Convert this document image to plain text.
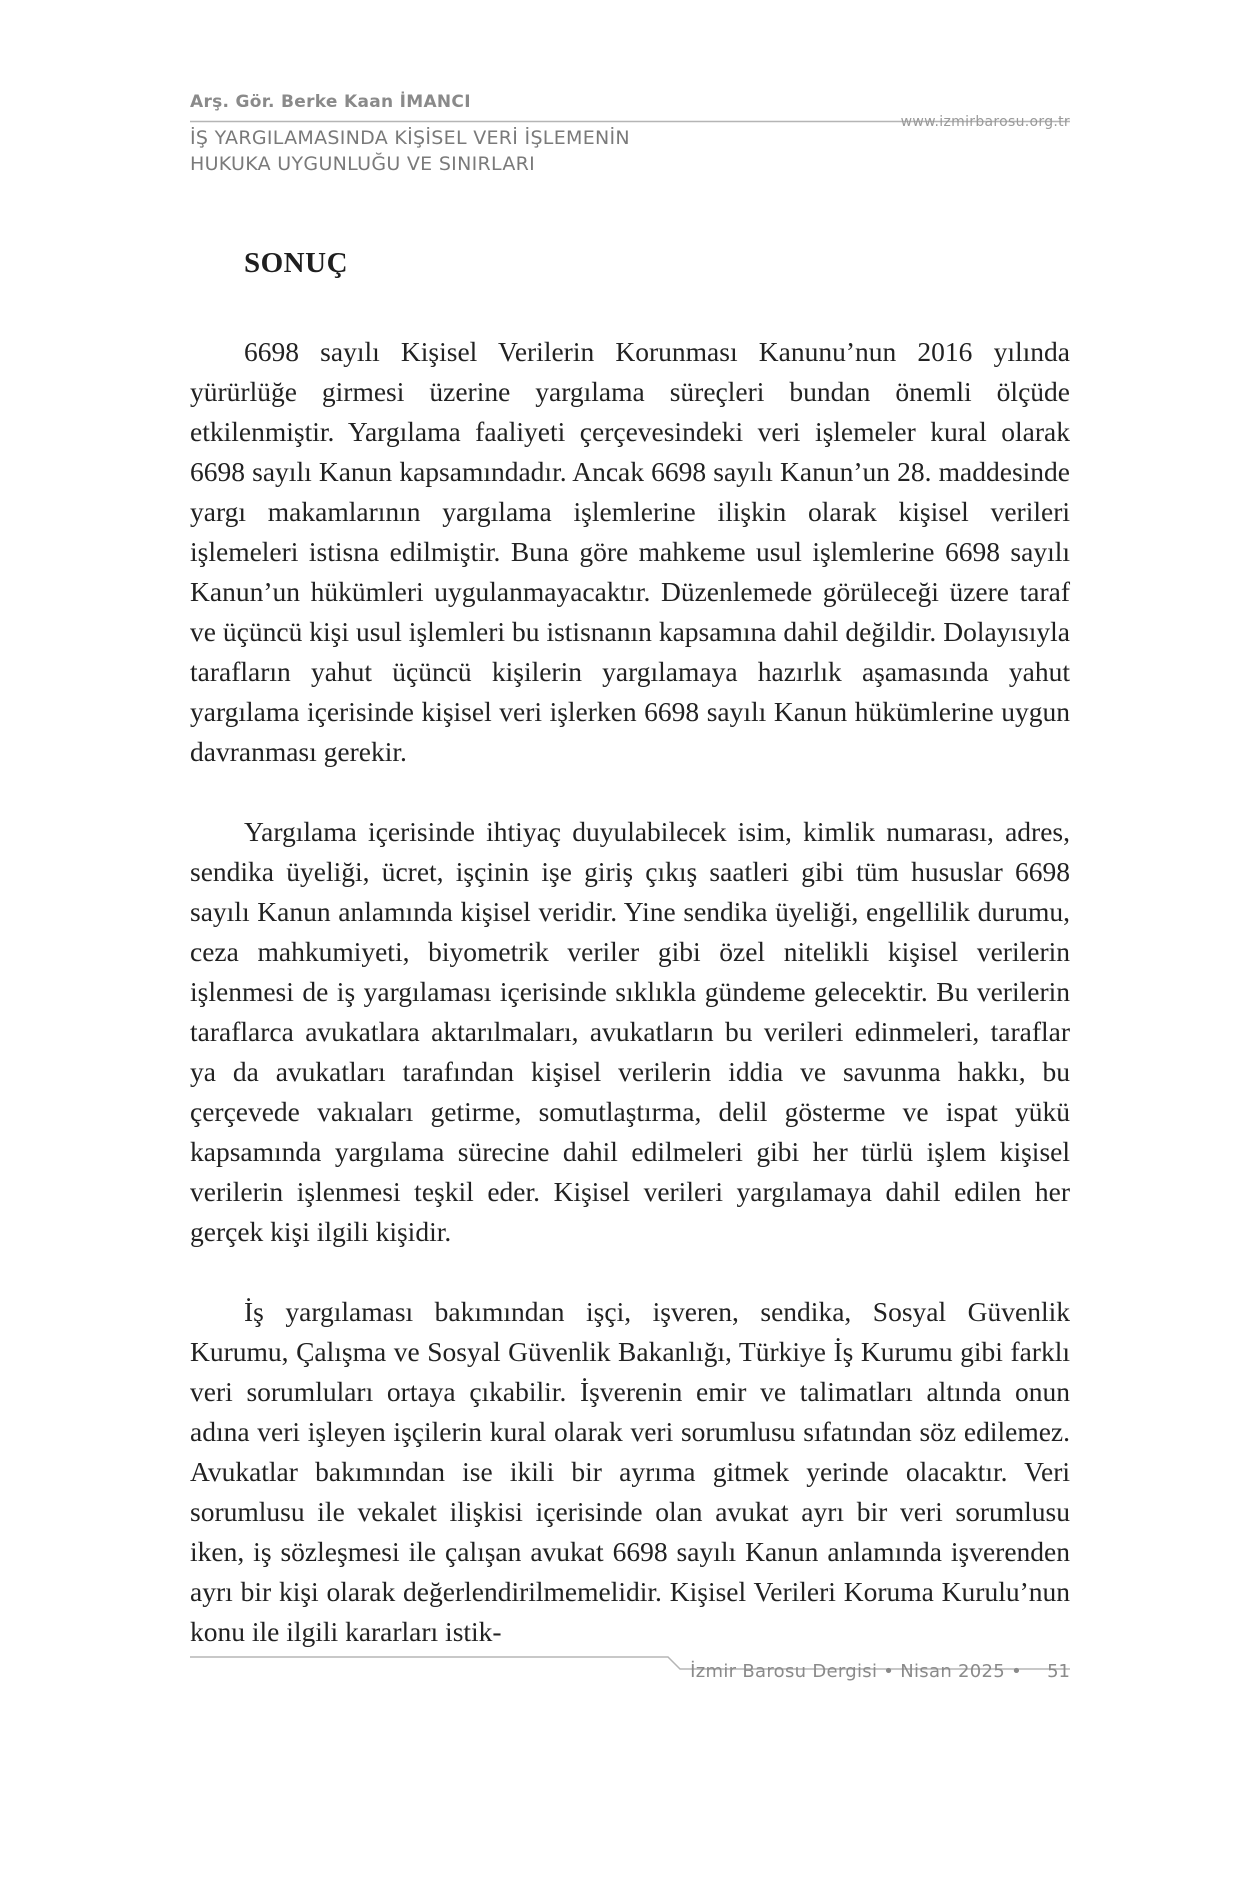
Arş. Gör. Berke Kaan İMANCI
İŞ YARGILAMASINDA KİŞİSEL VERİ İŞLEMENİN
HUKUKA UYGUNLUĞU VE SINIRLARI
www.izmirbarosu.org.tr
SONUÇ

6698 sayılı Kişisel Verilerin Korunması Kanunu’nun 2016 yılında yürürlüğe girmesi üzerine yargılama süreçleri bundan önemli ölçüde etkilenmiştir. Yargılama faaliyeti çerçevesindeki veri işlemeler kural olarak 6698 sayılı Kanun kapsamındadır. Ancak 6698 sayılı Kanun’un 28. maddesinde yargı makamlarının yargılama işlemlerine ilişkin olarak kişisel verileri işlemeleri istisna edilmiştir. Buna göre mahkeme usul işlemlerine 6698 sayılı Kanun’un hükümleri uygulanmayacaktır. Düzenlemede görüleceği üzere taraf ve üçüncü kişi usul işlemleri bu istisnanın kapsamına dahil değildir. Dolayısıyla tarafların yahut üçüncü kişilerin yargılamaya hazırlık aşamasında yahut yargılama içerisinde kişisel veri işlerken 6698 sayılı Kanun hükümlerine uygun davranması gerekir.

Yargılama içerisinde ihtiyaç duyulabilecek isim, kimlik numarası, adres, sendika üyeliği, ücret, işçinin işe giriş çıkış saatleri gibi tüm hususlar 6698 sayılı Kanun anlamında kişisel veridir. Yine sendika üyeliği, engellilik durumu, ceza mahkumiyeti, biyometrik veriler gibi özel nitelikli kişisel verilerin işlenmesi de iş yargılaması içerisinde sıklıkla gündeme gelecektir. Bu verilerin taraflarca avukatlara aktarılmaları, avukatların bu verileri edinmeleri, taraflar ya da avukatları tarafından kişisel verilerin iddia ve savunma hakkı, bu çerçevede vakıaları getirme, somutlaştırma, delil gösterme ve ispat yükü kapsamında yargılama sürecine dahil edilmeleri gibi her türlü işlem kişisel verilerin işlenmesi teşkil eder. Kişisel verileri yargılamaya dahil edilen her gerçek kişi ilgili kişidir.

İş yargılaması bakımından işçi, işveren, sendika, Sosyal Güvenlik Kurumu, Çalışma ve Sosyal Güvenlik Bakanlığı, Türkiye İş Kurumu gibi farklı veri sorumluları ortaya çıkabilir. İşverenin emir ve talimatları altında onun adına veri işleyen işçilerin kural olarak veri sorumlusu sıfatından söz edilemez. Avukatlar bakımından ise ikili bir ayrıma gitmek yerinde olacaktır. Veri sorumlusu ile vekalet ilişkisi içerisinde olan avukat ayrı bir veri sorumlusu iken, iş sözleşmesi ile çalışan avukat 6698 sayılı Kanun anlamında işverenden ayrı bir kişi olarak değerlendirilmemelidir. Kişisel Verileri Koruma Kurulu’nun konu ile ilgili kararları istik-

İzmir Barosu Dergisi • Nisan 2025 • 51
